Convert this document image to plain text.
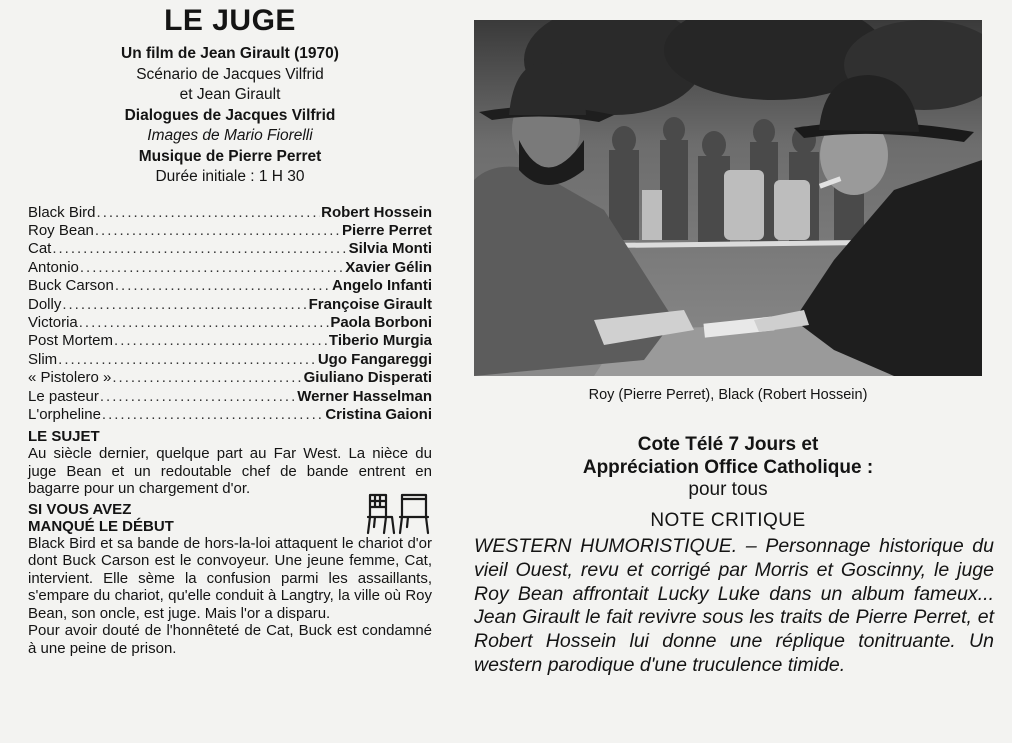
LE JUGE
Un film de Jean Girault (1970)
Scénario de Jacques Vilfrid
et Jean Girault
Dialogues de Jacques Vilfrid
Images de Mario Fiorelli
Musique de Pierre Perret
Durée initiale : 1 H 30
Black Bird .....	Robert Hossein
Roy Bean .....	Pierre Perret
Cat .....	Silvia Monti
Antonio .....	Xavier Gélin
Buck Carson .....	Angelo Infanti
Dolly .....	Françoise Girault
Victoria .....	Paola Borboni
Post Mortem .....	Tiberio Murgia
Slim .....	Ugo Fangareggi
« Pistolero » .....	Giuliano Disperati
Le pasteur .....	Werner Hasselman
L'orpheline .....	Cristina Gaioni
LE SUJET
Au siècle dernier, quelque part au Far West. La nièce du juge Bean et un redoutable chef de bande entrent en bagarre pour un chargement d'or.
SI VOUS AVEZ
MANQUÉ LE DÉBUT
Black Bird et sa bande de hors-la-loi attaquent le chariot d'or dont Buck Carson est le convoyeur. Une jeune femme, Cat, intervient. Elle sème la confusion parmi les assaillants, s'empare du chariot, qu'elle conduit à Langtry, la ville où Roy Bean, son oncle, est juge. Mais l'or a disparu.
Pour avoir douté de l'honnêteté de Cat, Buck est condamné à une peine de prison.
Roy (Pierre Perret), Black (Robert Hossein)
Cote Télé 7 Jours et
Appréciation Office Catholique :
pour tous
NOTE CRITIQUE
WESTERN HUMORISTIQUE. – Personnage historique du vieil Ouest, revu et corrigé par Morris et Goscinny, le juge Roy Bean affrontait Lucky Luke dans un album fameux... Jean Girault le fait revivre sous les traits de Pierre Perret, et Robert Hossein lui donne une réplique tonitruante. Un western parodique d'une truculence timide.
